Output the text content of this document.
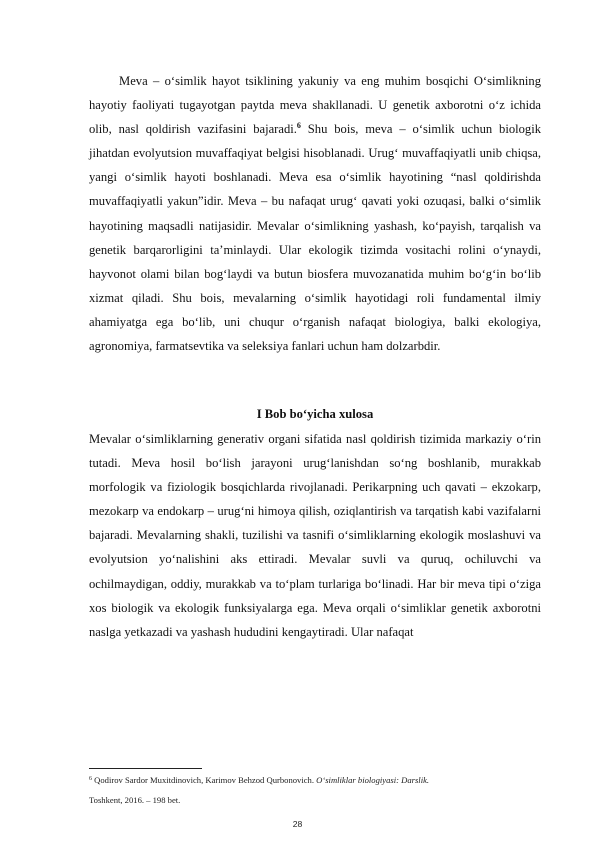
Meva – o‘simlik hayot tsiklining yakuniy va eng muhim bosqichi O‘simlikning hayotiy faoliyati tugayotgan paytda meva shakllanadi. U genetik axborotni o‘z ichida olib, nasl qoldirish vazifasini bajaradi.$^6$ Shu bois, meva – o‘simlik uchun biologik jihatdan evolyutsion muvaffaqiyat belgisi hisoblanadi. Urug‘ muvaffaqiyatli unib chiqsa, yangi o‘simlik hayoti boshlanadi. Meva esa o‘simlik hayotining “nasl qoldirishda muvaffaqiyatli yakun”idir. Meva – bu nafaqat urug‘ qavati yoki ozuqasi, balki o‘simlik hayotining maqsadli natijasidir. Mevalar o‘simlikning yashash, ko‘payish, tarqalish va genetik barqarorligini ta’minlaydi. Ular ekologik tizimda vositachi rolini o‘ynaydi, hayvonot olami bilan bog‘laydi va butun biosfera muvozanatida muhim bo‘g‘in bo‘lib xizmat qiladi. Shu bois, mevalarning o‘simlik hayotidagi roli fundamental ilmiy ahamiyatga ega bo‘lib, uni chuqur o‘rganish nafaqat biologiya, balki ekologiya, agronomiya, farmatsevtika va seleksiya fanlari uchun ham dolzarbdir.

I Bob bo‘yicha xulosa

Mevalar o‘simliklarning generativ organi sifatida nasl qoldirish tizimida markaziy o‘rin tutadi. Meva hosil bo‘lish jarayoni urug‘lanishdan so‘ng boshlanib, murakkab morfologik va fiziologik bosqichlarda rivojlanadi. Perikarpning uch qavati – ekzokarp, mezokarp va endokarp – urug‘ni himoya qilish, oziqlantirish va tarqatish kabi vazifalarni bajaradi. Mevalarning shakli, tuzilishi va tasnifi o‘simliklarning ekologik moslashuvi va evolyutsion yo‘nalishini aks ettiradi. Mevalar suvli va quruq, ochiluvchi va ochilmaydigan, oddiy, murakkab va to‘plam turlariga bo‘linadi. Har bir meva tipi o‘ziga xos biologik va ekologik funksiyalarga ega. Meva orqali o‘simliklar genetik axborotni naslga yetkazadi va yashash hududini kengaytiradi. Ular nafaqat

$^6$ Qodirov Sardor Muxitdinovich, Karimov Behzod Qurbonovich. O‘simliklar biologiyasi: Darslik.
Toshkent, 2016. – 198 bet.
28
